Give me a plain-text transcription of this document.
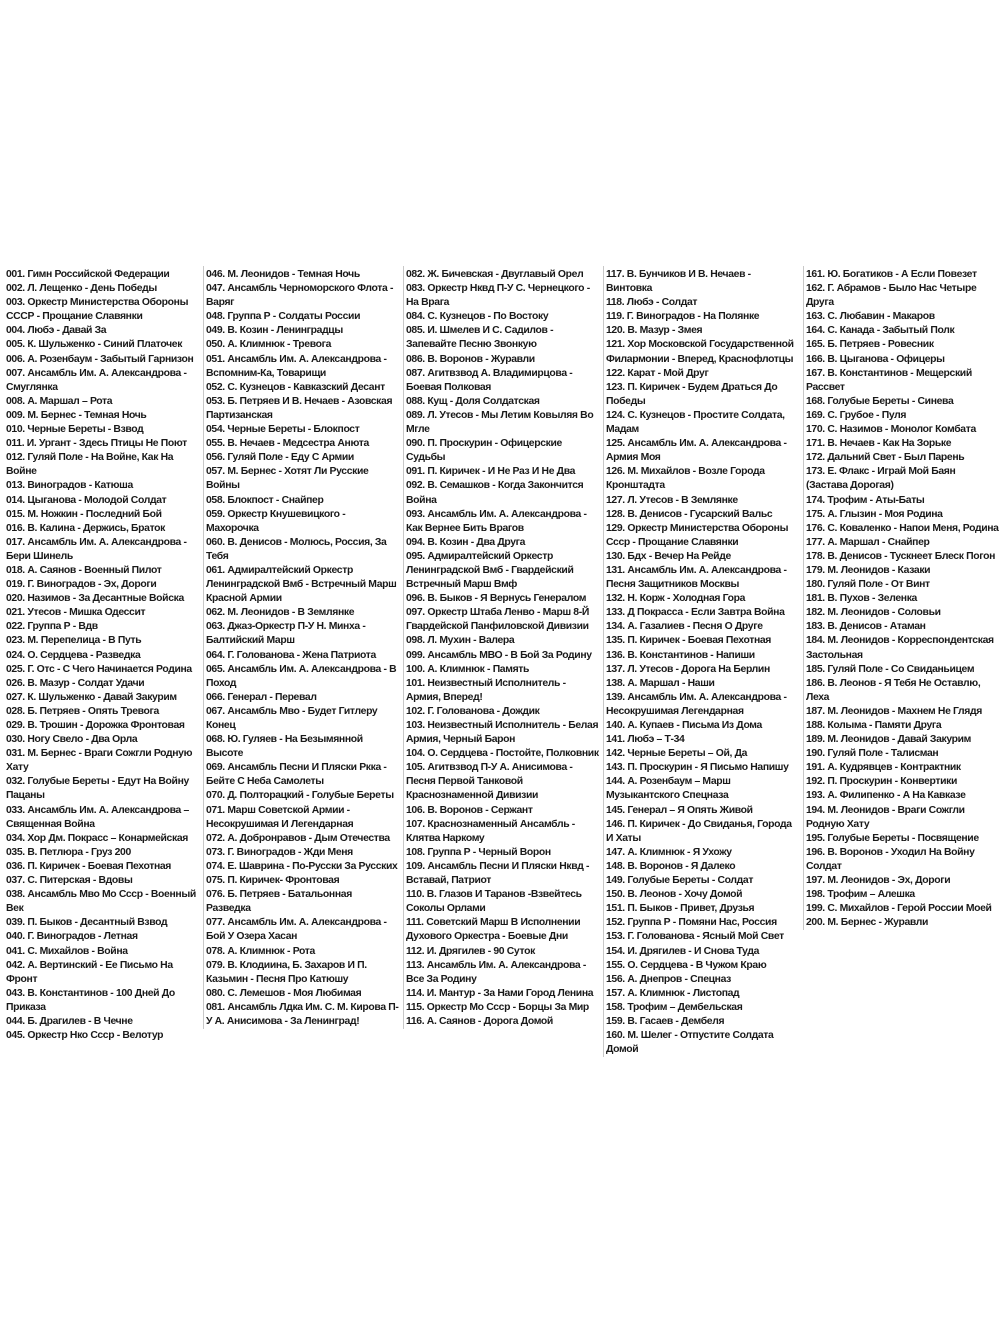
001. Гимн Российской Федерации
002. Л. Лещенко - День Победы
003. Оркестр Министерства Обороны СССР - Прощание Славянки
004. Любэ - Давай За
005. К. Шульженко - Синий Платочек
006. А. Розенбаум - Забытый Гарнизон
007. Ансамбль Им. А. Александрова - Смуглянка
008. А. Маршал – Рота
009. М. Бернес - Темная Ночь
010. Черные Береты - Взвод
011. И. Ургант - Здесь Птицы Не Поют
012. Гуляй Поле - На Войне, Как На Войне
013. Виноградов - Катюша
014. Цыганова - Молодой Солдат
015. М. Ножкин - Последний Бой
016. В. Калина - Держись, Браток
017. Ансамбль Им. А. Александрова - Бери Шинель
018. А. Саянов - Военный Пилот
019. Г. Виноградов - Эх, Дороги
020. Назимов - За Десантные Войска
021. Утесов - Мишка Одессит
022. Группа Р - Вдв
023. М. Перепелица - В Путь
024. О. Сердцева - Разведка
025. Г. Отс - С Чего Начинается Родина
026. В. Мазур - Солдат Удачи
027. К. Шульженко - Давай Закурим
028. Б. Петряев - Опять Тревога
029. В. Трошин - Дорожка Фронтовая
030. Ногу Свело - Два Орла
031. М. Бернес - Враги Сожгли Родную Хату
032. Голубые Береты - Едут На Войну Пацаны
033. Ансамбль Им. А. Александрова – Священная Война
034. Хор Дм. Покрасс – Конармейская
035. В. Петлюра - Груз 200
036. П. Киричек - Боевая Пехотная
037. С. Питерская - Вдовы
038. Ансамбль Мво Мо Ссср - Военный Век
039. П. Быков - Десантный Взвод
040. Г. Виноградов - Летная
041. С. Михайлов - Война
042. А. Вертинский - Ее Письмо На Фронт
043. В. Константинов - 100 Дней До Приказа
044. Б. Драгилев - В Чечне
045. Оркестр Нко Ссср - Велотур
046. М. Леонидов - Темная Ночь
047. Ансамбль Черноморского Флота - Варяг
048. Группа Р - Солдаты России
049. В. Козин - Ленинградцы
050. А. Климнюк - Тревога
051. Ансамбль Им. А. Александрова - Вспомним-Ка, Товарищи
052. С. Кузнецов - Кавказский Десант
053. Б. Петряев И В. Нечаев - Азовская Партизанская
054. Черные Береты - Блокпост
055. В. Нечаев - Медсестра Анюта
056. Гуляй Поле - Еду С Армии
057. М. Бернес - Хотят Ли Русские Войны
058. Блокпост - Снайпер
059. Оркестр Кнушевицкого - Махорочка
060. В. Денисов - Молюсь, Россия, За Тебя
061. Адмиралтейский Оркестр Ленинградской Вмб - Встречный Марш Красной Армии
062. М. Леонидов - В Землянке
063. Джаз-Оркестр П-У Н. Минха - Балтийский Марш
064. Г. Голованова - Жена Патриота
065. Ансамбль Им. А. Александрова - В Поход
066. Генерал - Перевал
067. Ансамбль Мво - Будет Гитлеру Конец
068. Ю. Гуляев - На Безымянной Высоте
069. Ансамбль Песни И Пляски Ркка - Бейте С Неба Самолеты
070. Д. Полторацкий - Голубые Береты
071. Марш Советской Армии - Несокрушимая И Легендарная
072. А. Добронравов - Дым Отечества
073. Г. Виноградов - Жди Меня
074. Е. Шаврина - По-Русски За Русских
075. П. Киричек- Фронтовая
076. Б. Петряев - Батальонная Разведка
077. Ансамбль Им. А. Александрова - Бой У Озера Хасан
078. А. Климнюк - Рота
079. В. Клодиина, Б. Захаров И П. Казьмин - Песня Про Катюшу
080. С. Лемешов - Моя Любимая
081. Ансамбль Лдка Им. С. М. Кирова П-У А. Анисимова - За Ленинград!
082. Ж. Бичевская - Двуглавый Орел
083. Оркестр Нквд П-У С. Чернецкого - На Врага
084. С. Кузнецов - По Востоку
085. И. Шмелев И С. Садилов - Запевайте Песню Звонкую
086. В. Воронов - Журавли
087. Агитвзвод А. Владимирцова - Боевая Полковая
088. Кущ - Доля Солдатская
089. Л. Утесов - Мы Летим Ковыляя Во Мгле
090. П. Проскурин - Офицерские Судьбы
091. П. Киричек - И Не Раз И Не Два
092. В. Семашков - Когда Закончится Война
093. Ансамбль Им. А. Александрова - Как Вернее Бить Врагов
094. В. Козин - Два Друга
095. Адмиралтейский Оркестр Ленинградской Вмб - Гвардейский Встречный Марш Вмф
096. В. Быков - Я Вернусь Генералом
097. Оркестр Штаба Ленво - Марш 8-Й Гвардейской Панфиловской Дивизии
098. Л. Мухин - Валера
099. Ансамбль МВО - В Бой За Родину
100. А. Климнюк - Память
101. Неизвестный Исполнитель - Армия, Вперед!
102. Г. Голованова - Дождик
103. Неизвестный Исполнитель - Белая Армия, Черный Барон
104. О. Сердцева - Постойте, Полковник
105. Агитвзвод П-У А. Анисимова - Песня Первой Танковой Краснознаменной Дивизии
106. В. Воронов - Сержант
107. Краснознаменный Ансамбль - Клятва Наркому
108. Группа Р - Черный Ворон
109. Ансамбль Песни И Пляски Нквд - Вставай, Патриот
110. В. Глазов И Таранов -Взвейтесь Соколы Орлами
111. Советский Марш В Исполнении Духового Оркестра - Боевые Дни
112. И. Дрягилев - 90 Суток
113. Ансамбль Им. А. Александрова - Все За Родину
114. И. Мантур - За Нами Город Ленина
115. Оркестр Мо Ссср - Борцы За Мир
116. А. Саянов - Дорога Домой
117. В. Бунчиков И В. Нечаев - Винтовка
118. Любэ - Солдат
119. Г. Виноградов - На Полянке
120. В. Мазур - Змея
121. Хор Московской Государственной Филармонии - Вперед, Краснофлотцы
122. Карат - Мой Друг
123. П. Киричек - Будем Драться До Победы
124. С. Кузнецов - Простите Солдата, Мадам
125. Ансамбль Им. А. Александрова - Армия Моя
126. М. Михайлов - Возле Города Кронштадта
127. Л. Утесов - В Землянке
128. В. Денисов - Гусарский Вальс
129. Оркестр Министерства Обороны Ссср - Прощание Славянки
130. Бдх - Вечер На Рейде
131. Ансамбль Им. А. Александрова - Песня Защитников Москвы
132. Н. Корж - Холодная Гора
133. Д Покрасса - Если Завтра Война
134. А. Газалиев - Песня О Друге
135. П. Киричек - Боевая Пехотная
136. В. Константинов - Напиши
137. Л. Утесов - Дорога На Берлин
138. А. Маршал - Наши
139. Ансамбль Им. А. Александрова - Несокрушимая Легендарная
140. А. Купаев - Письма Из Дома
141. Любэ – Т-34
142. Черные Береты – Ой, Да
143. П. Проскурин - Я Письмо Напишу
144. А. Розенбаум – Марш Музыкантского Спецназа
145. Генерал – Я Опять Живой
146. П. Киричек - До Свиданья, Города И Хаты
147. А. Климнюк - Я Ухожу
148. В. Воронов - Я Далеко
149. Голубые Береты - Солдат
150. В. Леонов - Хочу Домой
151. П. Быков - Привет, Друзья
152. Группа Р - Помяни Нас, Россия
153. Г. Голованова - Ясный Мой Свет
154. И. Дрягилев - И Снова Туда
155. О. Сердцева - В Чужом Краю
156. А. Днепров - Спецназ
157. А. Климнюк - Листопад
158. Трофим – Дембельская
159. В. Гасаев - Дембеля
160. М. Шелег - Отпустите Солдата Домой
161. Ю. Богатиков - А Если Повезет
162. Г. Абрамов - Было Нас Четыре Друга
163. С. Любавин - Макаров
164. С. Канада - Забытый Полк
165. Б. Петряев - Ровесник
166. В. Цыганова - Офицеры
167. В. Константинов - Мещерский Рассвет
168. Голубые Береты - Синева
169. С. Грубое - Пуля
170. С. Назимов - Монолог Комбата
171. В. Нечаев - Как На Зорьке
172. Дальний Свет - Был Парень
173. Е. Флакс - Играй Мой Баян (Застава Дорогая)
174. Трофим - Аты-Баты
175. А. Глызин - Моя Родина
176. С. Коваленко - Напои Меня, Родина
177. А. Маршал - Снайпер
178. В. Денисов - Тускнеет Блеск Погон
179. М. Леонидов - Казаки
180. Гуляй Поле - От Винт
181. В. Пухов - Зеленка
182. М. Леонидов - Соловьи
183. В. Денисов - Атаман
184. М. Леонидов - Корреспондентская Застольная
185. Гуляй Поле - Со Свиданьицем
186. В. Леонов - Я Тебя Не Оставлю, Леха
187. М. Леонидов - Махнем Не Глядя
188. Колыма - Памяти Друга
189. М. Леонидов - Давай Закурим
190. Гуляй Поле - Талисман
191. А. Кудрявцев - Контрактник
192. П. Проскурин - Конвертики
193. А. Филипенко - А На Кавказе
194. М. Леонидов - Враги Сожгли Родную Хату
195. Голубые Береты - Посвящение
196. В. Воронов - Уходил На Войну Солдат
197. М. Леонидов - Эх, Дороги
198. Трофим – Алешка
199. С. Михайлов - Герой России Моей
200. М. Бернес - Журавли
